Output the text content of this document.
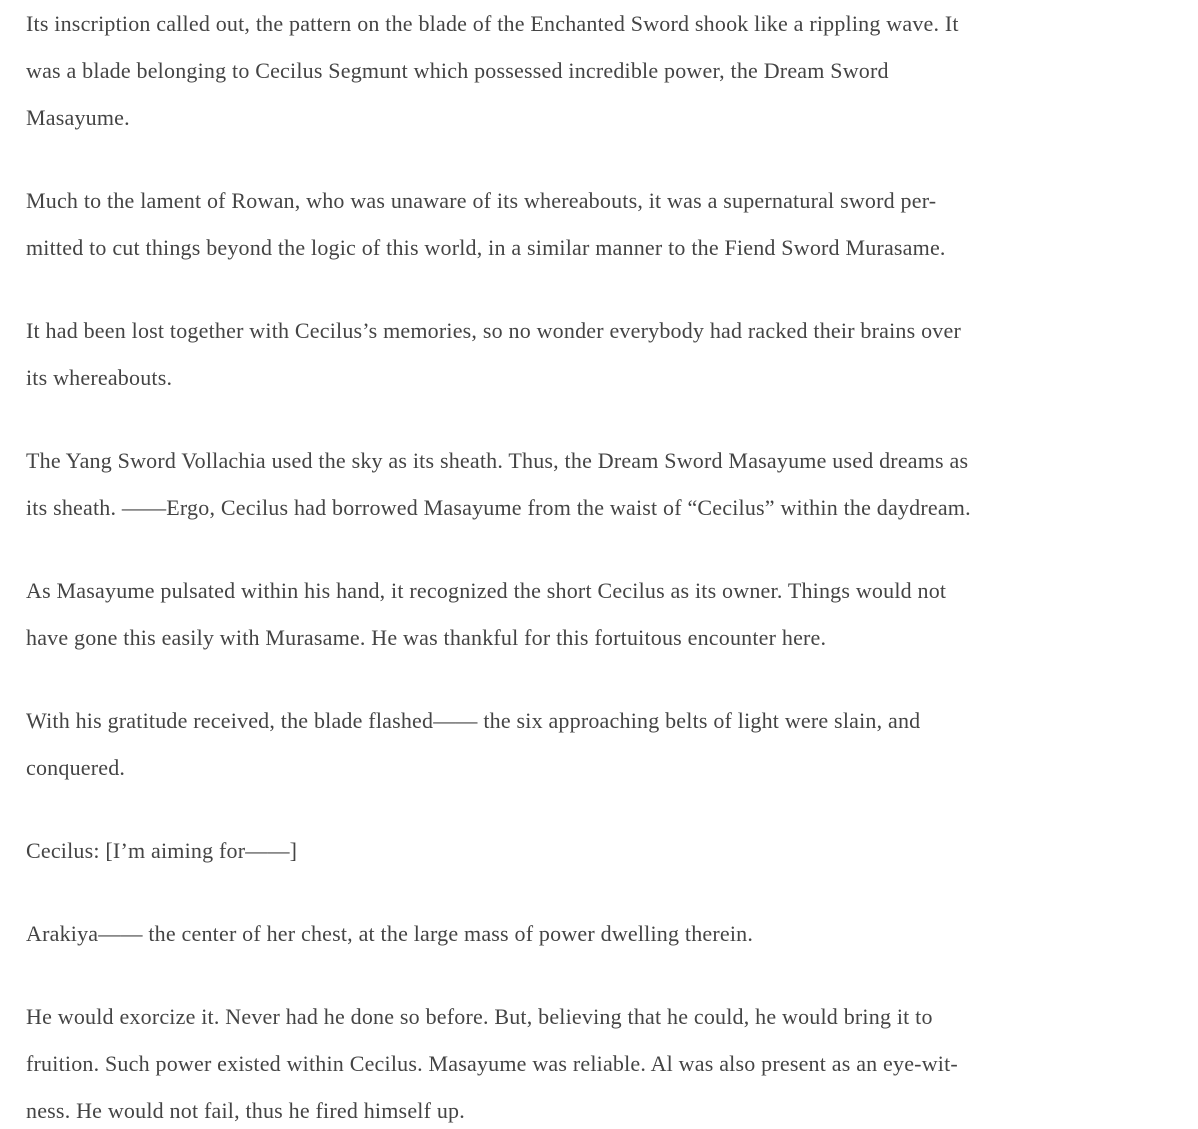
Its inscription called out, the pattern on the blade of the Enchanted Sword shook like a rippling wave. It
was a blade belonging to Cecilus Segmunt which possessed incredible power, the Dream Sword
Masayume.

Much to the lament of Rowan, who was unaware of its whereabouts, it was a supernatural sword per-
mitted to cut things beyond the logic of this world, in a similar manner to the Fiend Sword Murasame.

It had been lost together with Cecilus’s memories, so no wonder everybody had racked their brains over
its whereabouts.

The Yang Sword Vollachia used the sky as its sheath. Thus, the Dream Sword Masayume used dreams as
its sheath. ——Ergo, Cecilus had borrowed Masayume from the waist of “Cecilus” within the daydream.

As Masayume pulsated within his hand, it recognized the short Cecilus as its owner. Things would not
have gone this easily with Murasame. He was thankful for this fortuitous encounter here.

With his gratitude received, the blade flashed—— the six approaching belts of light were slain, and
conquered.

Cecilus: [I’m aiming for——]

Arakiya—— the center of her chest, at the large mass of power dwelling therein.

He would exorcize it. Never had he done so before. But, believing that he could, he would bring it to
fruition. Such power existed within Cecilus. Masayume was reliable. Al was also present as an eye-wit-
ness. He would not fail, thus he fired himself up.
